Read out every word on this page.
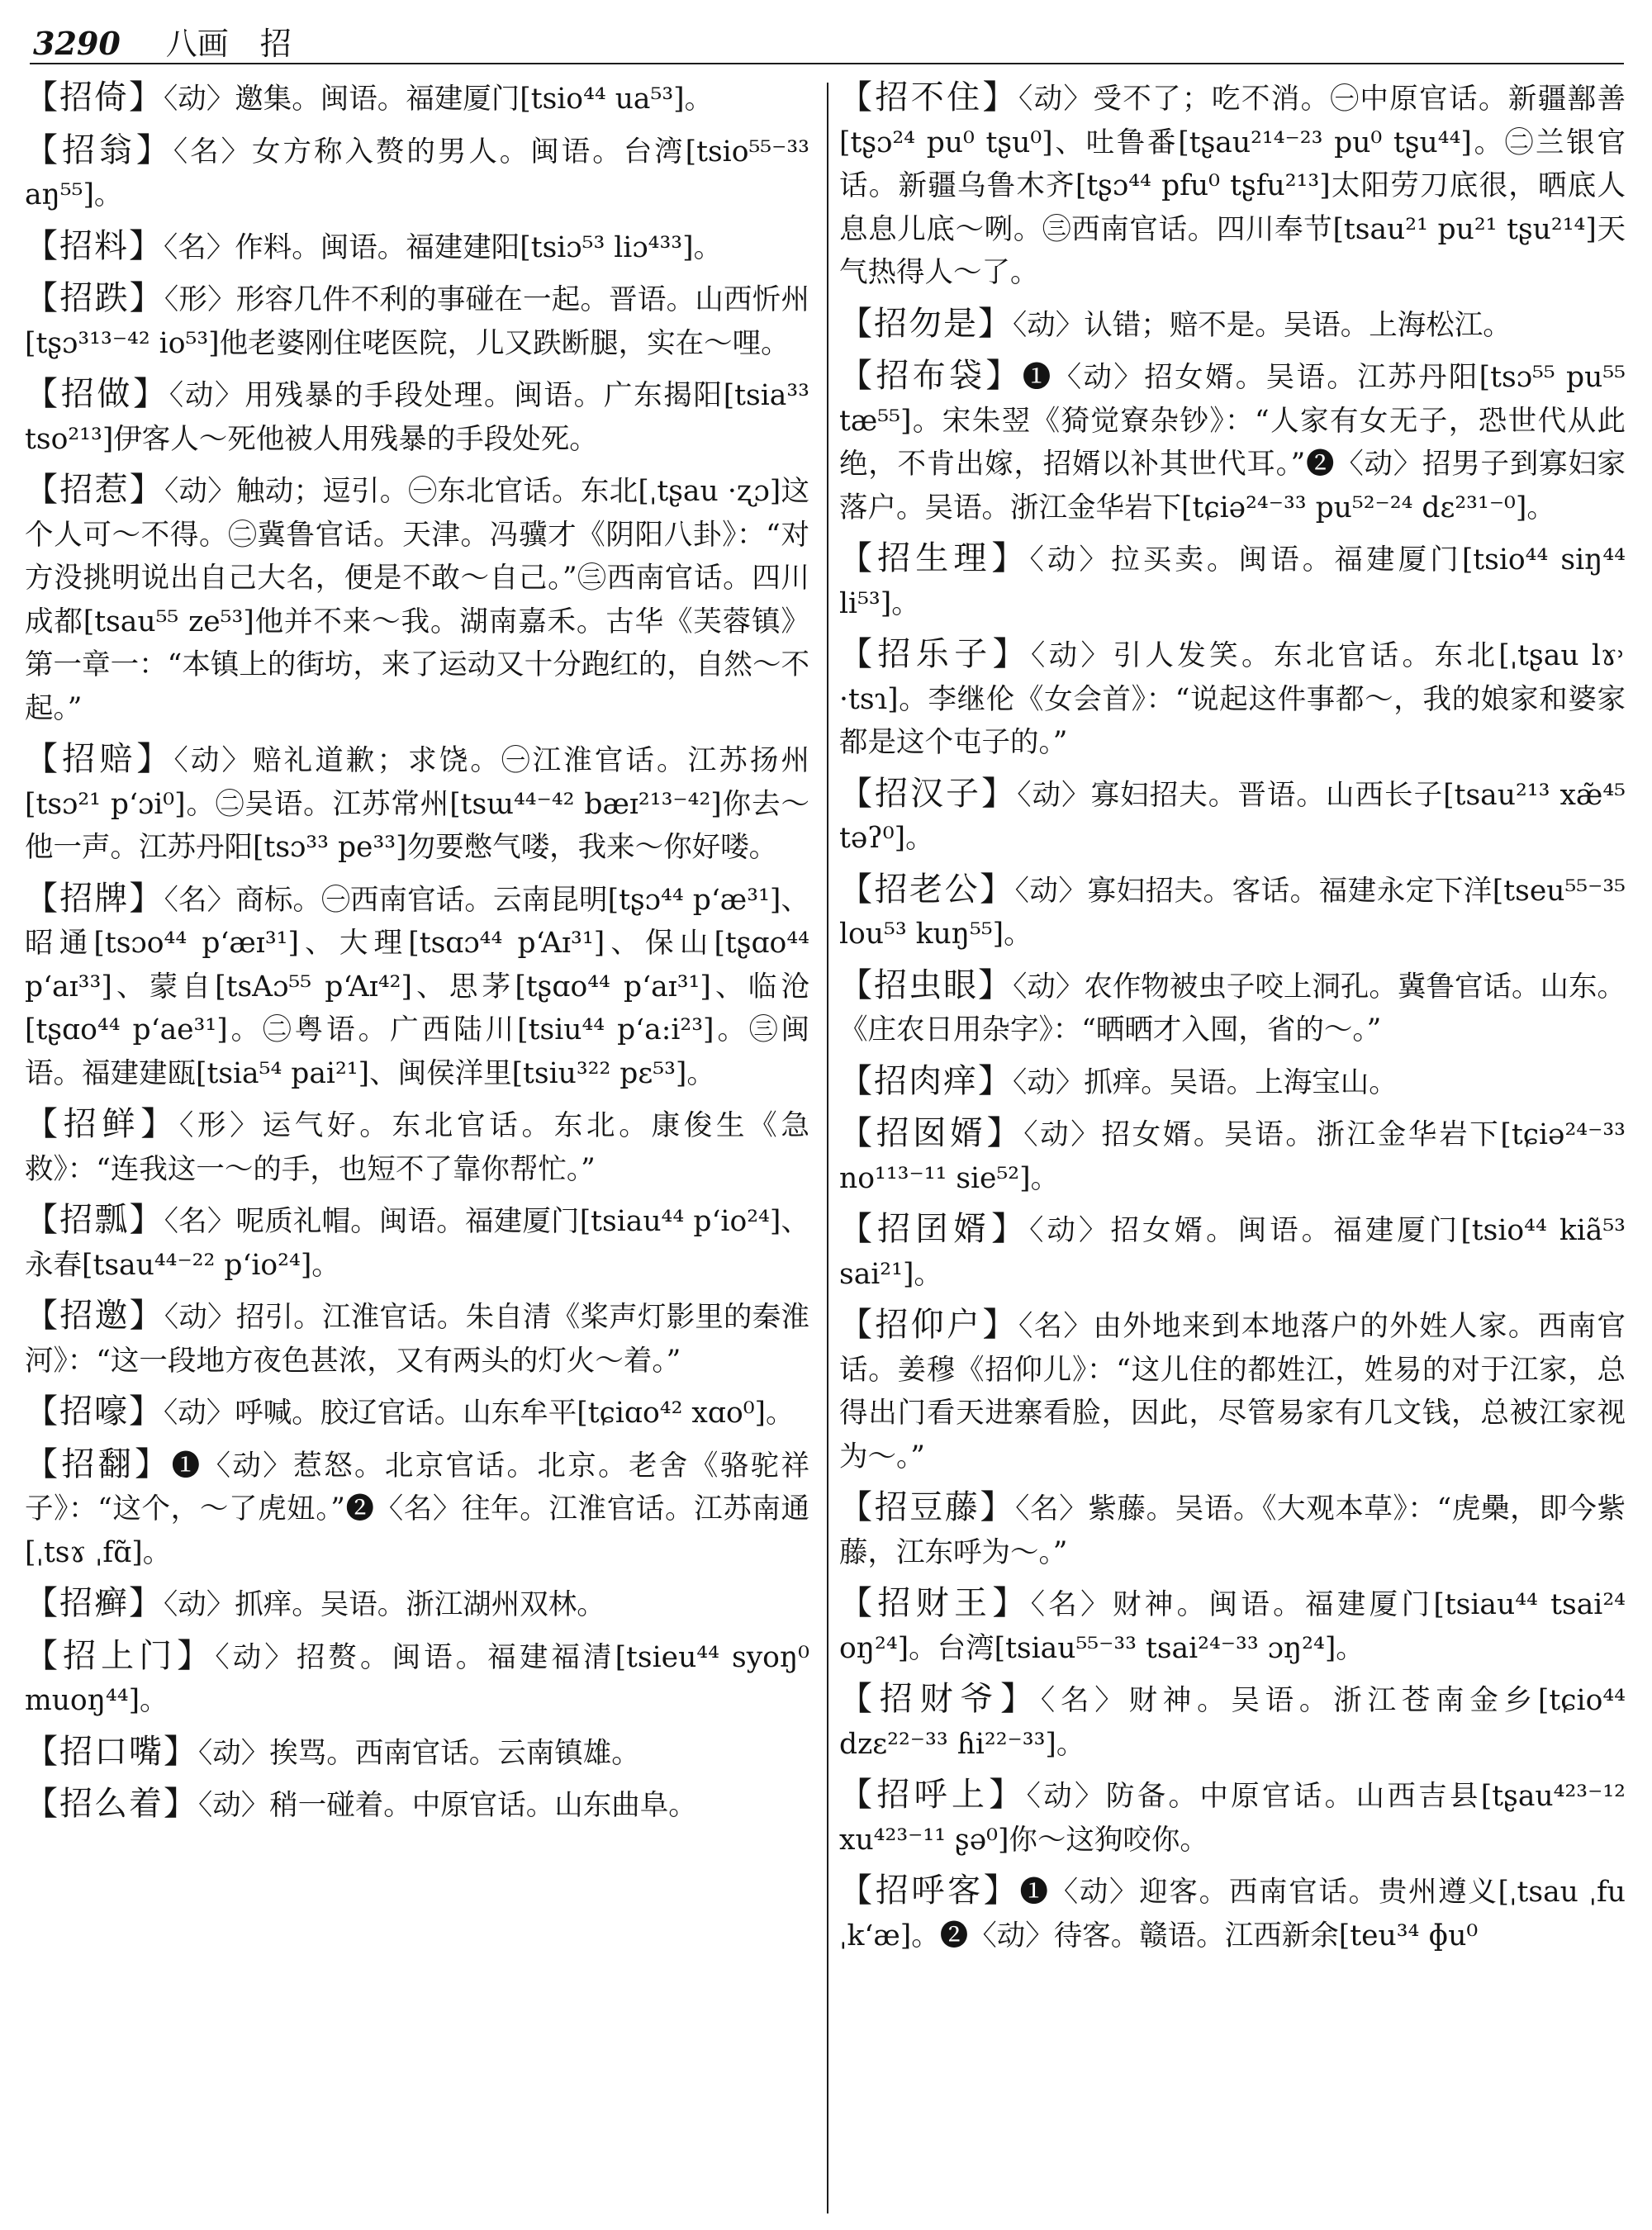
3290 八画 招

【招倚】〈动〉邀集。闽语。福建厦门[tsio⁴⁴ ua⁵³]。

【招翁】〈名〉女方称入赘的男人。闽语。台湾[tsio⁵⁵⁻³³ aŋ⁵⁵]。

【招料】〈名〉作料。闽语。福建建阳[tsiɔ⁵³ liɔ⁴³³]。

【招跌】〈形〉形容几件不利的事碰在一起。晋语。山西忻州[tʂɔ³¹³⁻⁴² io⁵³]他老婆刚住咾医院，儿又跌断腿，实在～哩。

【招做】〈动〉用残暴的手段处理。闽语。广东揭阳[tsia³³ tso²¹³]伊客人～死他被人用残暴的手段处死。

【招惹】〈动〉触动；逗引。㊀东北官话。东北[ˌtʂau ·ʐɔ]这个人可～不得。㊁冀鲁官话。天津。冯骥才《阴阳八卦》：“对方没挑明说出自己大名，便是不敢～自己。”㊂西南官话。四川成都[tsau⁵⁵ ze⁵³]他并不来～我。湖南嘉禾。古华《芙蓉镇》第一章一：“本镇上的街坊，来了运动又十分跑红的，自然～不起。”

【招赔】〈动〉赔礼道歉；求饶。㊀江淮官话。江苏扬州[tsɔ²¹ pʻɔi⁰]。㊁吴语。江苏常州[tsɯ⁴⁴⁻⁴² bæɪ²¹³⁻⁴²]你去～他一声。江苏丹阳[tsɔ³³ pe³³]勿要憋气喽，我来～你好喽。

【招牌】〈名〉商标。㊀西南官话。云南昆明[tʂɔ⁴⁴ pʻæ³¹]、昭通[tsɔo⁴⁴ pʻæɪ³¹]、大理[tsɑɔ⁴⁴ pʻAɪ³¹]、保山[tʂɑo⁴⁴ pʻaɪ³³]、蒙自[tsAɔ⁵⁵ pʻAɪ⁴²]、思茅[tʂɑo⁴⁴ pʻaɪ³¹]、临沧[tʂɑo⁴⁴ pʻae³¹]。㊁粤语。广西陆川[tsiu⁴⁴ pʻa:i²³]。㊂闽语。福建建瓯[tsia⁵⁴ pai²¹]、闽侯洋里[tsiu³²² pɛ⁵³]。

【招鲜】〈形〉运气好。东北官话。东北。康俊生《急救》：“连我这一～的手，也短不了靠你帮忙。”

【招瓢】〈名〉呢质礼帽。闽语。福建厦门[tsiau⁴⁴ pʻio²⁴]、永春[tsau⁴⁴⁻²² pʻio²⁴]。

【招邀】〈动〉招引。江淮官话。朱自清《桨声灯影里的秦淮河》：“这一段地方夜色甚浓，又有两头的灯火～着。”

【招嚎】〈动〉呼喊。胶辽官话。山东牟平[tɕiɑo⁴² xɑo⁰]。

【招翻】❶〈动〉惹怒。北京官话。北京。老舍《骆驼祥子》：“这个，～了虎妞。”❷〈名〉往年。江淮官话。江苏南通[ˌtsɤ ˌfɑ̃]。

【招癣】〈动〉抓痒。吴语。浙江湖州双林。

【招上门】〈动〉招赘。闽语。福建福清[tsieu⁴⁴ syoŋ⁰ muoŋ⁴⁴]。

【招口嘴】〈动〉挨骂。西南官话。云南镇雄。

【招么着】〈动〉稍一碰着。中原官话。山东曲阜。

【招不住】〈动〉受不了；吃不消。㊀中原官话。新疆鄯善[tʂɔ²⁴ pu⁰ tʂu⁰]、吐鲁番[tʂau²¹⁴⁻²³ pu⁰ tʂu⁴⁴]。㊁兰银官话。新疆乌鲁木齐[tʂɔ⁴⁴ pfu⁰ tʂfu²¹³]太阳劳刀底很，晒底人息息儿底～咧。㊂西南官话。四川奉节[tsau²¹ pu²¹ tʂu²¹⁴]天气热得人～了。

【招勿是】〈动〉认错；赔不是。吴语。上海松江。

【招布袋】❶〈动〉招女婿。吴语。江苏丹阳[tsɔ⁵⁵ pu⁵⁵ tæ⁵⁵]。宋朱翌《猗觉寮杂钞》：“人家有女无子，恐世代从此绝，不肯出嫁，招婿以补其世代耳。”❷〈动〉招男子到寡妇家落户。吴语。浙江金华岩下[tɕiə²⁴⁻³³ pu⁵²⁻²⁴ dɛ²³¹⁻⁰]。

【招生理】〈动〉拉买卖。闽语。福建厦门[tsio⁴⁴ siŋ⁴⁴ li⁵³]。

【招乐子】〈动〉引人发笑。东北官话。东北[ˌtʂau lɤ˒ ·tsɿ]。李继伦《女会首》：“说起这件事都～，我的娘家和婆家都是这个屯子的。”

【招汉子】〈动〉寡妇招夫。晋语。山西长子[tsau²¹³ xæ̃⁴⁵ təʔ⁰]。

【招老公】〈动〉寡妇招夫。客话。福建永定下洋[tseu⁵⁵⁻³⁵ lou⁵³ kuŋ⁵⁵]。

【招虫眼】〈动〉农作物被虫子咬上洞孔。冀鲁官话。山东。《庄农日用杂字》：“晒晒才入囤，省的～。”

【招肉痒】〈动〉抓痒。吴语。上海宝山。

【招囡婿】〈动〉招女婿。吴语。浙江金华岩下[tɕiə²⁴⁻³³ no¹¹³⁻¹¹ sie⁵²]。

【招囝婿】〈动〉招女婿。闽语。福建厦门[tsio⁴⁴ kiã⁵³ sai²¹]。

【招仰户】〈名〉由外地来到本地落户的外姓人家。西南官话。姜穆《招仰儿》：“这儿住的都姓江，姓易的对于江家，总得出门看天进寨看脸，因此，尽管易家有几文钱，总被江家视为～。”

【招豆藤】〈名〉紫藤。吴语。《大观本草》：“虎櫐，即今紫藤，江东呼为～。”

【招财王】〈名〉财神。闽语。福建厦门[tsiau⁴⁴ tsai²⁴ oŋ²⁴]。台湾[tsiau⁵⁵⁻³³ tsai²⁴⁻³³ ɔŋ²⁴]。

【招财爷】〈名〉财神。吴语。浙江苍南金乡[tɕio⁴⁴ dzɛ²²⁻³³ ɦi²²⁻³³]。

【招呼上】〈动〉防备。中原官话。山西吉县[tʂau⁴²³⁻¹² xu⁴²³⁻¹¹ ʂə⁰]你～这狗咬你。

【招呼客】❶〈动〉迎客。西南官话。贵州遵义[ˌtsau ˌfu ˌkʻæ]。❷〈动〉待客。赣语。江西新余[teu³⁴ ɸu⁰
